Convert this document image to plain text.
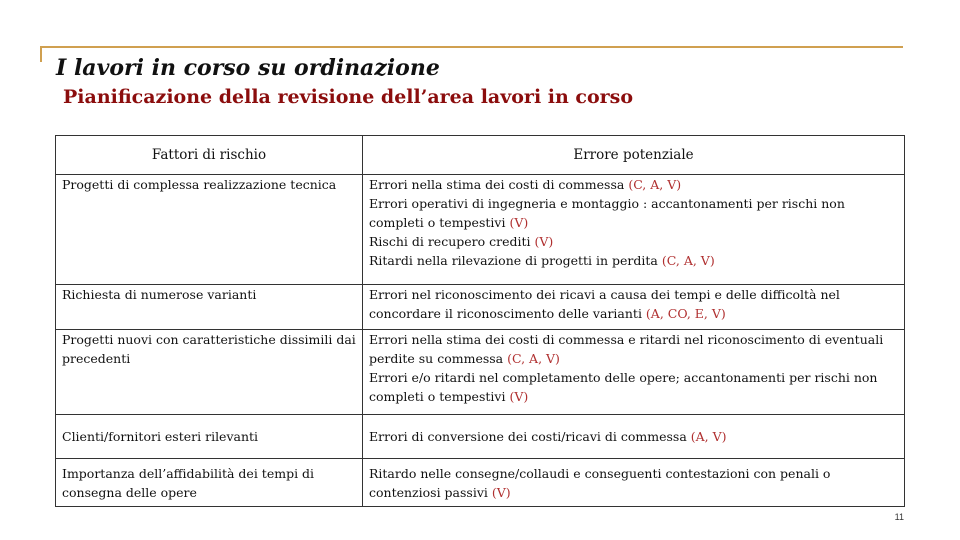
I lavori in corso su ordinazione
Pianificazione della revisione dell’area lavori in corso
Fattori di rischio	Errore potenziale
Progetti di complessa realizzazione tecnica	Errori nella stima dei costi di commessa (C, A, V)
Errori operativi di ingegneria e montaggio : accantonamenti per rischi non completi o tempestivi (V)
Rischi di recupero crediti (V)
Ritardi nella rilevazione di progetti in perdita (C, A, V)

Richiesta di numerose varianti	Errori nel riconoscimento dei ricavi a causa dei tempi e delle difficoltà nel concordare il riconoscimento delle varianti (A, CO, E, V)

Progetti nuovi con caratteristiche dissimili dai precedenti	Errori nella stima dei costi di commessa e ritardi nel riconoscimento di eventuali perdite su commessa (C, A, V)
Errori e/o ritardi nel completamento delle opere; accantonamenti per rischi non completi o tempestivi (V)

Clienti/fornitori esteri rilevanti	Errori di conversione dei costi/ricavi di commessa (A, V)

Importanza dell’affidabilità dei tempi di consegna delle opere	Ritardo nelle consegne/collaudi e conseguenti contestazioni con penali o contenziosi passivi (V)
11
